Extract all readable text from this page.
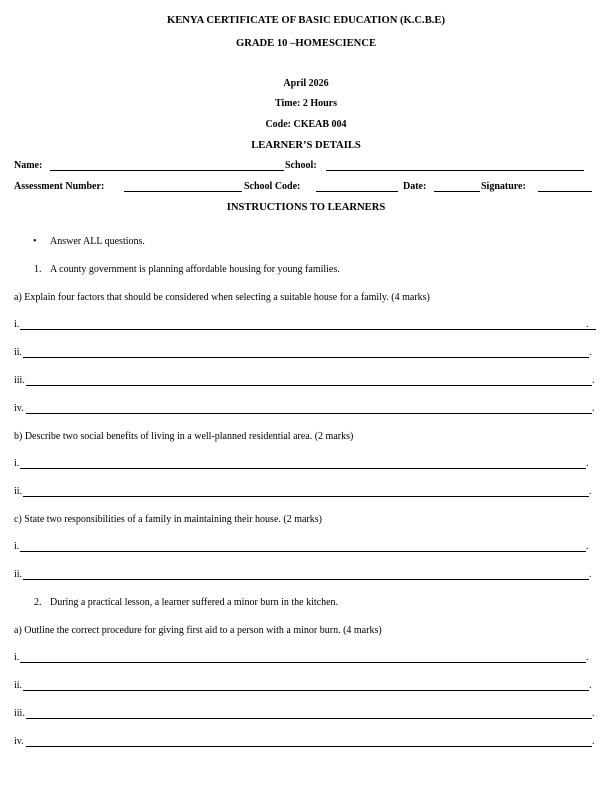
KENYA CERTIFICATE OF BASIC EDUCATION (K.C.B.E)
GRADE 10 –HOMESCIENCE
April 2026
Time: 2 Hours
Code: CKEAB 004
LEARNER’S DETAILS
Name:	School:
Assessment Number:	School Code:	Date:	Signature:
INSTRUCTIONS TO LEARNERS
• Answer ALL questions.
1. A county government is planning affordable housing for young families.
a) Explain four factors that should be considered when selecting a suitable house for a family. (4 marks)
i.	.
ii.	.
iii.	.
iv.	.
b) Describe two social benefits of living in a well-planned residential area. (2 marks)
i.	.
ii.	.
c) State two responsibilities of a family in maintaining their house. (2 marks)
i.	.
ii.	.
2. During a practical lesson, a learner suffered a minor burn in the kitchen.
a) Outline the correct procedure for giving first aid to a person with a minor burn. (4 marks)
i.	.
ii.	.
iii.	.
iv.	.
